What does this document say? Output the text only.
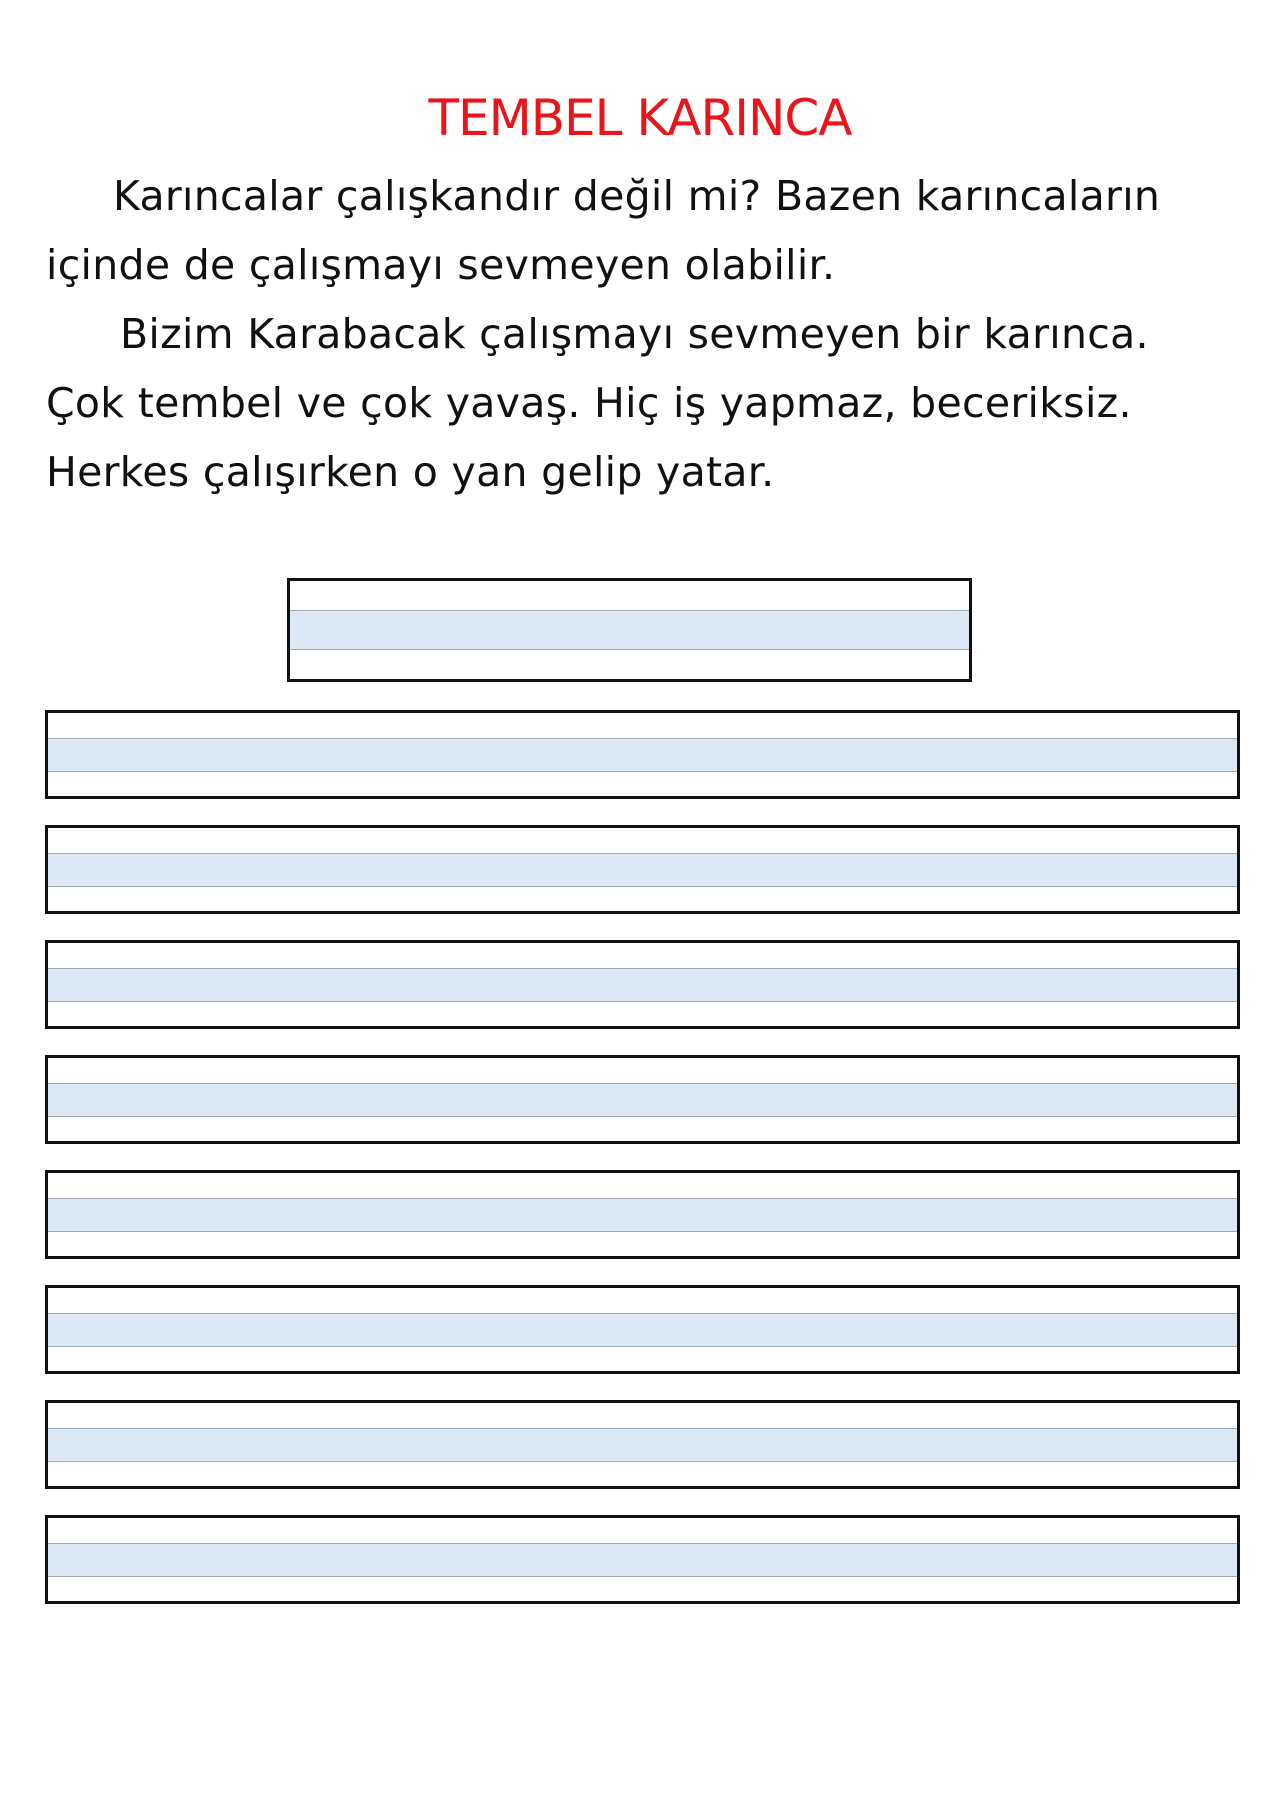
TEMBEL KARINCA
Karıncalar çalışkandır değil mi? Bazen karıncaların
içinde de çalışmayı sevmeyen olabilir.
Bizim Karabacak çalışmayı sevmeyen bir karınca.
Çok tembel ve çok yavaş. Hiç iş yapmaz, beceriksiz.
Herkes çalışırken o yan gelip yatar.
